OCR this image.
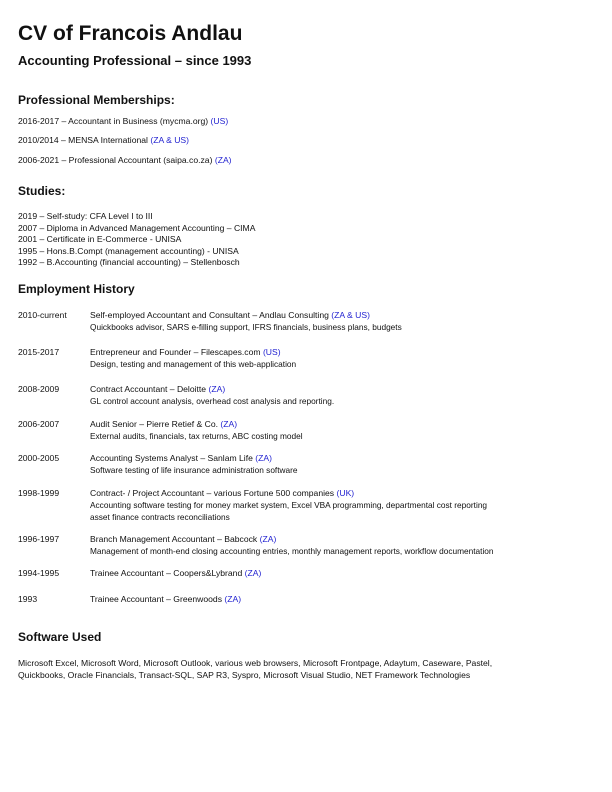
CV of Francois Andlau
Accounting Professional – since 1993
Professional Memberships:
2016-2017 – Accountant in Business (mycma.org) (US)
2010/2014 – MENSA International (ZA & US)
2006-2021 – Professional Accountant (saipa.co.za) (ZA)
Studies:
2019 – Self-study: CFA Level I to III
2007 – Diploma in Advanced Management Accounting – CIMA
2001 – Certificate in E-Commerce - UNISA
1995 – Hons.B.Compt (management accounting) - UNISA
1992 – B.Accounting (financial accounting) – Stellenbosch
Employment History
2010-current	Self-employed Accountant and Consultant – Andlau Consulting (ZA & US)
Quickbooks advisor, SARS e-filling support, IFRS financials, business plans, budgets
2015-2017	Entrepreneur and Founder – Filescapes.com (US)
Design, testing and management of this web-application
2008-2009	Contract Accountant – Deloitte (ZA)
GL control account analysis, overhead cost analysis and reporting.
2006-2007	Audit Senior – Pierre Retief & Co. (ZA)
External audits, financials, tax returns, ABC costing model
2000-2005	Accounting Systems Analyst – Sanlam Life (ZA)
Software testing of life insurance administration software
1998-1999	Contract- / Project Accountant – various Fortune 500 companies (UK)
Accounting software testing for money market system, Excel VBA programming, departmental cost reporting
asset finance contracts reconciliations
1996-1997	Branch Management Accountant – Babcock (ZA)
Management of month-end closing accounting entries, monthly management reports, workflow documentation
1994-1995	Trainee Accountant – Coopers&Lybrand (ZA)
1993	Trainee Accountant – Greenwoods (ZA)
Software Used
Microsoft Excel, Microsoft Word, Microsoft Outlook, various web browsers, Microsoft Frontpage, Adaytum, Caseware, Pastel,
Quickbooks, Oracle Financials, Transact-SQL, SAP R3, Syspro, Microsoft Visual Studio, NET Framework Technologies
